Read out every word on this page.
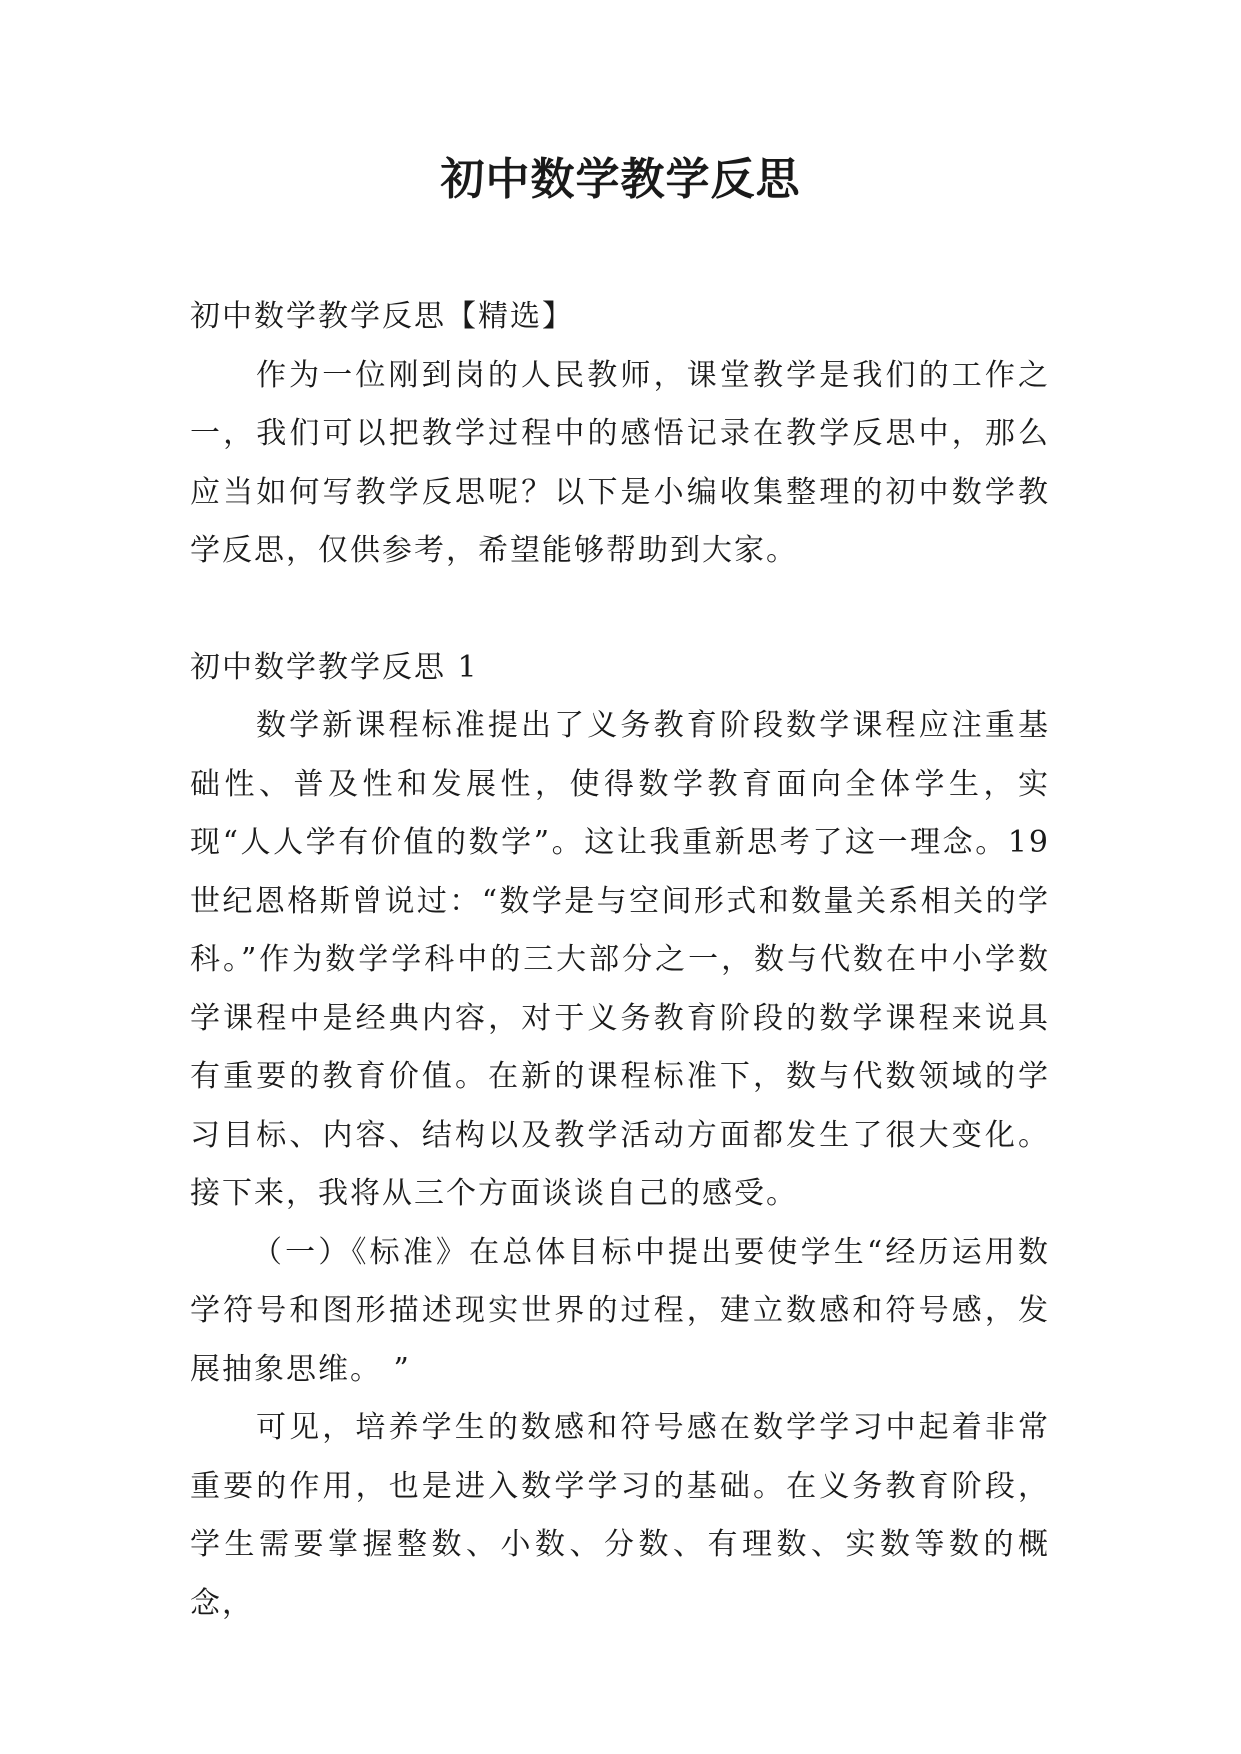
初中数学教学反思

初中数学教学反思【精选】

作为一位刚到岗的人民教师，课堂教学是我们的工作之一，我们可以把教学过程中的感悟记录在教学反思中，那么应当如何写教学反思呢？以下是小编收集整理的初中数学教学反思，仅供参考，希望能够帮助到大家。

初中数学教学反思 1

数学新课程标准提出了义务教育阶段数学课程应注重基础性、普及性和发展性，使得数学教育面向全体学生，实现“人人学有价值的数学”。这让我重新思考了这一理念。19世纪恩格斯曾说过：“数学是与空间形式和数量关系相关的学科。”作为数学学科中的三大部分之一，数与代数在中小学数学课程中是经典内容，对于义务教育阶段的数学课程来说具有重要的教育价值。在新的课程标准下，数与代数领域的学习目标、内容、结构以及教学活动方面都发生了很大变化。接下来，我将从三个方面谈谈自己的感受。

（一）《标准》在总体目标中提出要使学生“经历运用数学符号和图形描述现实世界的过程，建立数感和符号感，发展抽象思维。 ”

可见，培养学生的数感和符号感在数学学习中起着非常重要的作用，也是进入数学学习的基础。在义务教育阶段，学生需要掌握整数、小数、分数、有理数、实数等数的概念，
